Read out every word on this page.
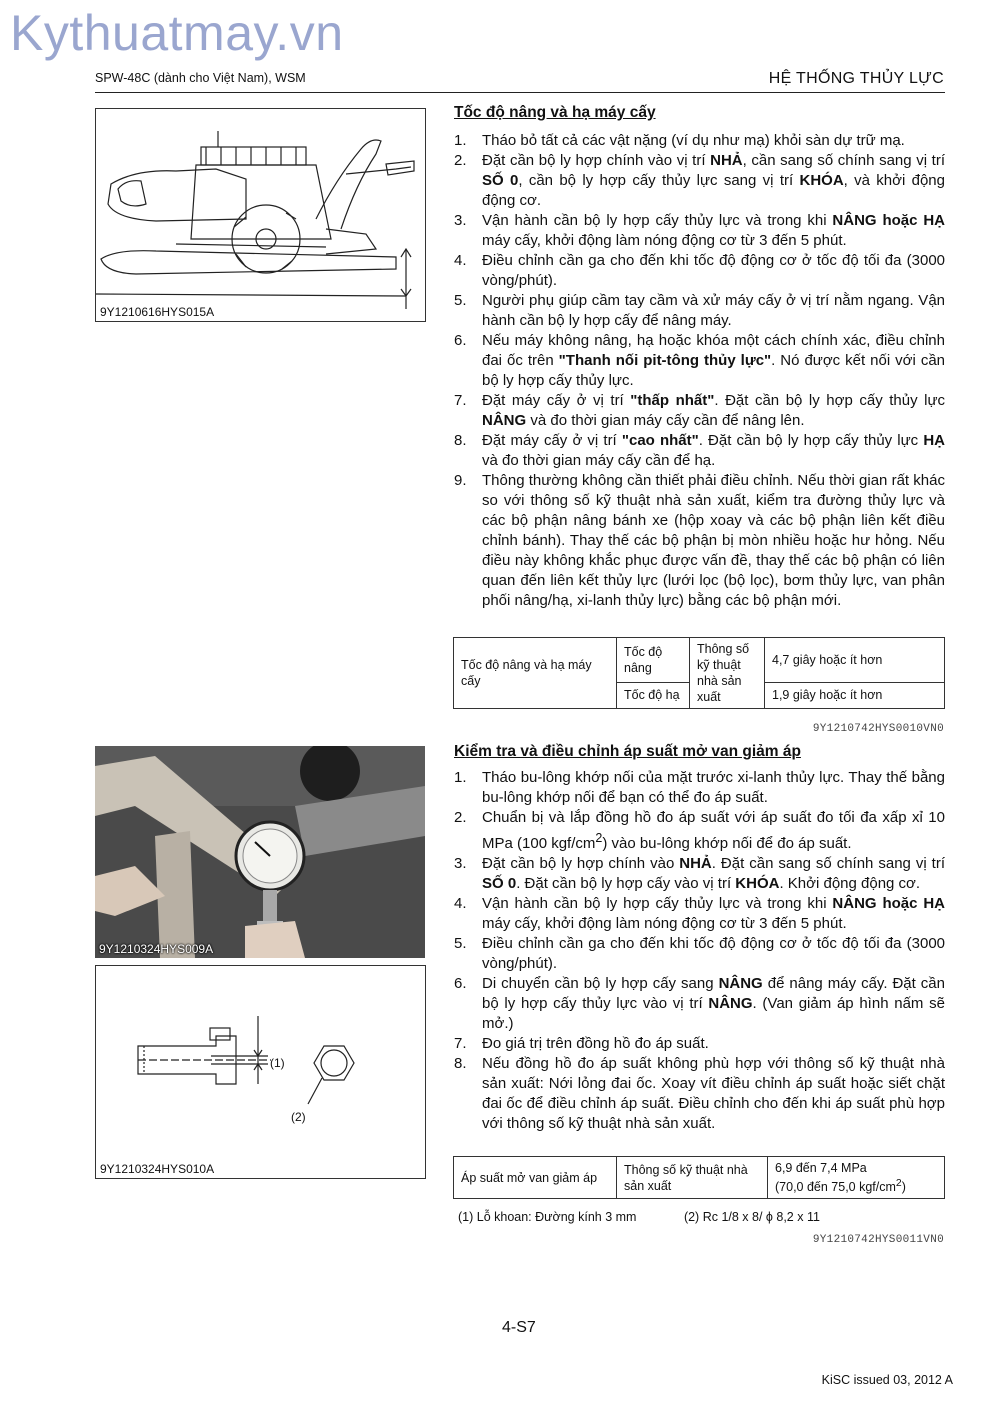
Kythuatmay.vn
SPW-48C (dành cho Việt Nam), WSM	HỆ THỐNG THỦY LỰC
9Y1210616HYS015A
9Y1210324HYS009A
(1)
(2)
9Y1210324HYS010A
Tốc độ nâng và hạ máy cấy
1. Tháo bỏ tất cả các vật nặng (ví dụ như mạ) khỏi sàn dự trữ mạ.
2. Đặt cần bộ ly hợp chính vào vị trí NHẢ, cần sang số chính sang vị trí SỐ 0, cần bộ ly hợp cấy thủy lực sang vị trí KHÓA, và khởi động động cơ.
3. Vận hành cần bộ ly hợp cấy thủy lực và trong khi NÂNG hoặc HẠ máy cấy, khởi động làm nóng động cơ từ 3 đến 5 phút.
4. Điều chỉnh cần ga cho đến khi tốc độ động cơ ở tốc độ tối đa (3000 vòng/phút).
5. Người phụ giúp cầm tay cầm và xử máy cấy ở vị trí nằm ngang. Vận hành cần bộ ly hợp cấy để nâng máy.
6. Nếu máy không nâng, hạ hoặc khóa một cách chính xác, điều chỉnh đai ốc trên "Thanh nối pit-tông thủy lực". Nó được kết nối với cần bộ ly hợp cấy thủy lực.
7. Đặt máy cấy ở vị trí "thấp nhất". Đặt cần bộ ly hợp cấy thủy lực NÂNG và đo thời gian máy cấy cần để nâng lên.
8. Đặt máy cấy ở vị trí "cao nhất". Đặt cần bộ ly hợp cấy thủy lực HẠ và đo thời gian máy cấy cần để hạ.
9. Thông thường không cần thiết phải điều chỉnh. Nếu thời gian rất khác so với thông số kỹ thuật nhà sản xuất, kiểm tra đường thủy lực và các bộ phận nâng bánh xe (hộp xoay và các bộ phận liên kết điều chỉnh bánh). Thay thế các bộ phận bị mòn nhiều hoặc hư hỏng. Nếu điều này không khắc phục được vấn đề, thay thế các bộ phận có liên quan đến liên kết thủy lực (lưới lọc (bộ lọc), bơm thủy lực, van phân phối nâng/hạ, xi-lanh thủy lực) bằng các bộ phận mới.
Tốc độ nâng và hạ máy cấy	Tốc độ nâng	Thông số kỹ thuật nhà sản xuất	4,7 giây hoặc ít hơn
	Tốc độ hạ		1,9 giây hoặc ít hơn
9Y1210742HYS0010VN0
Kiểm tra và điều chỉnh áp suất mở van giảm áp
1. Tháo bu-lông khớp nối của mặt trước xi-lanh thủy lực. Thay thế bằng bu-lông khớp nối để bạn có thể đo áp suất.
2. Chuẩn bị và lắp đồng hồ đo áp suất với áp suất đo tối đa xấp xỉ 10 MPa (100 kgf/$cm^2$) vào bu-lông khớp nối để đo áp suất.
3. Đặt cần bộ ly hợp chính vào NHẢ. Đặt cần sang số chính sang vị trí SỐ 0. Đặt cần bộ ly hợp cấy vào vị trí KHÓA. Khởi động động cơ.
4. Vận hành cần bộ ly hợp cấy thủy lực và trong khi NÂNG hoặc HẠ máy cấy, khởi động làm nóng động cơ từ 3 đến 5 phút.
5. Điều chỉnh cần ga cho đến khi tốc độ động cơ ở tốc độ tối đa (3000 vòng/phút).
6. Di chuyển cần bộ ly hợp cấy sang NÂNG để nâng máy cấy. Đặt cần bộ ly hợp cấy thủy lực vào vị trí NÂNG. (Van giảm áp hình nấm sẽ mở.)
7. Đo giá trị trên đồng hồ đo áp suất.
8. Nếu đồng hồ đo áp suất không phù hợp với thông số kỹ thuật nhà sản xuất: Nới lỏng đai ốc. Xoay vít điều chỉnh áp suất hoặc siết chặt đai ốc để điều chỉnh áp suất. Điều chỉnh cho đến khi áp suất phù hợp với thông số kỹ thuật nhà sản xuất.
Áp suất mở van giảm áp	Thông số kỹ thuật nhà sản xuất	
6,9 đến 7,4 MPa
(70,0 đến 75,0 kgf/$cm^2$)
(1) Lỗ khoan: Đường kính 3 mm	(2) Rc 1/8 x 8/ ϕ 8,2 x 11
9Y1210742HYS0011VN0
4-S7
KiSC issued 03, 2012 A
